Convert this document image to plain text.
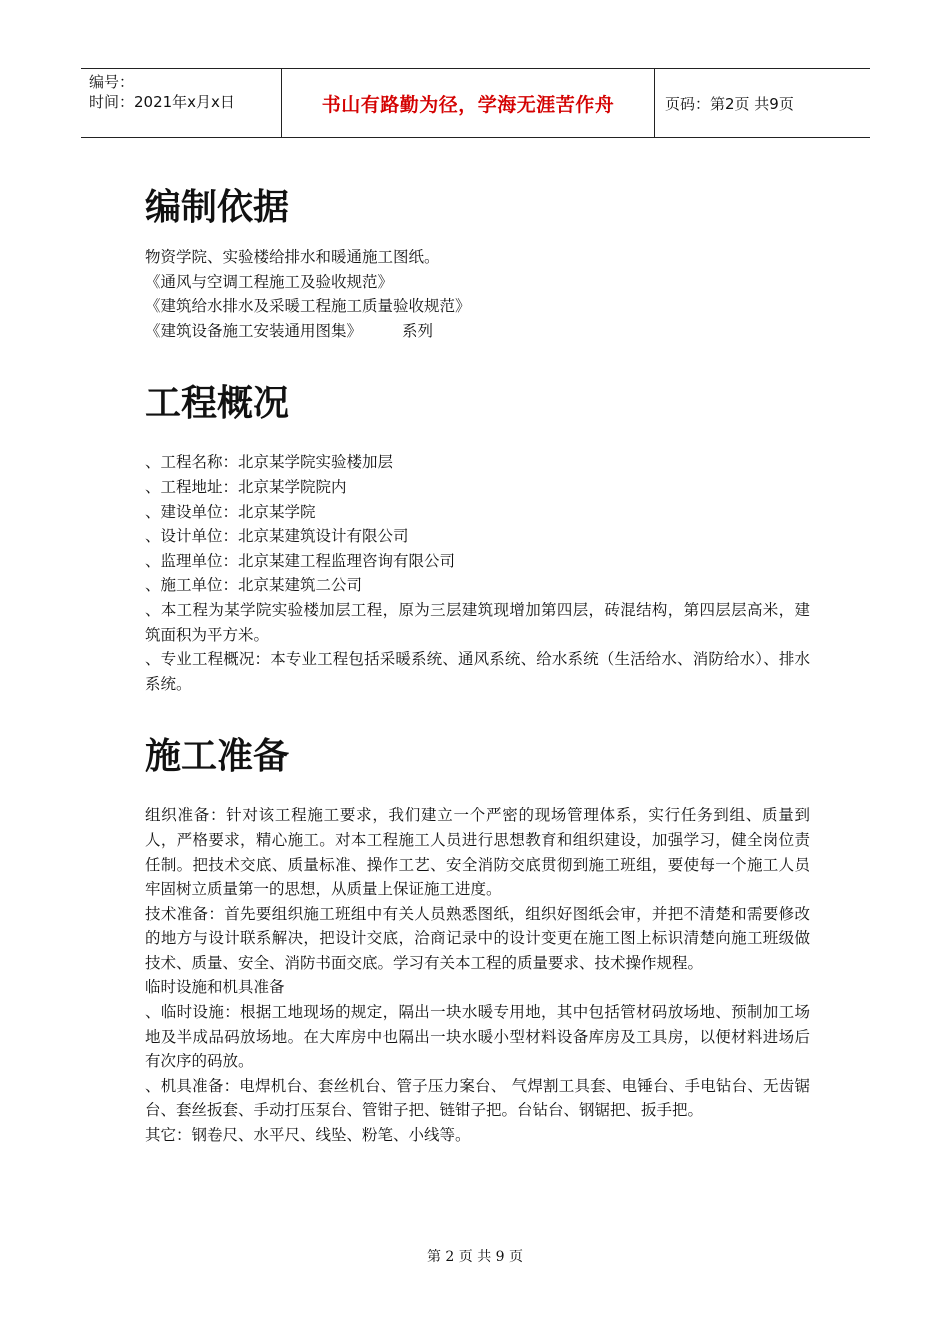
编号：
时间：2021年x月x日	书山有路勤为径，学海无涯苦作舟	页码：第2页 共9页
编制依据

物资学院、实验楼给排水和暖通施工图纸。

《通风与空调工程施工及验收规范》

《建筑给水排水及采暖工程施工质量验收规范》

《建筑设备施工安装通用图集》	系列

工程概况

、工程名称：北京某学院实验楼加层

、工程地址：北京某学院院内

、建设单位：北京某学院

、设计单位：北京某建筑设计有限公司

、监理单位：北京某建工程监理咨询有限公司

、施工单位：北京某建筑二公司

、本工程为某学院实验楼加层工程，原为三层建筑现增加第四层，砖混结构，第四层层高米，建筑面积为平方米。

、专业工程概况：本专业工程包括采暖系统、通风系统、给水系统（生活给水、消防给水）、排水系统。

施工准备

组织准备：针对该工程施工要求，我们建立一个严密的现场管理体系，实行任务到组、质量到人，严格要求，精心施工。对本工程施工人员进行思想教育和组织建设，加强学习，健全岗位责任制。把技术交底、质量标准、操作工艺、安全消防交底贯彻到施工班组，要使每一个施工人员牢固树立质量第一的思想，从质量上保证施工进度。

技术准备：首先要组织施工班组中有关人员熟悉图纸，组织好图纸会审，并把不清楚和需要修改的地方与设计联系解决，把设计交底，洽商记录中的设计变更在施工图上标识清楚向施工班级做技术、质量、安全、消防书面交底。学习有关本工程的质量要求、技术操作规程。

临时设施和机具准备

、临时设施：根据工地现场的规定，隔出一块水暖专用地，其中包括管材码放场地、预制加工场地及半成品码放场地。在大库房中也隔出一块水暖小型材料设备库房及工具房，以便材料进场后有次序的码放。

、机具准备：电焊机台、套丝机台、管子压力案台、 气焊割工具套、电锤台、手电钻台、无齿锯台、套丝扳套、手动打压泵台、管钳子把、链钳子把。台钻台、钢锯把、扳手把。

其它：钢卷尺、水平尺、线坠、粉笔、小线等。

第 2 页 共 9 页
